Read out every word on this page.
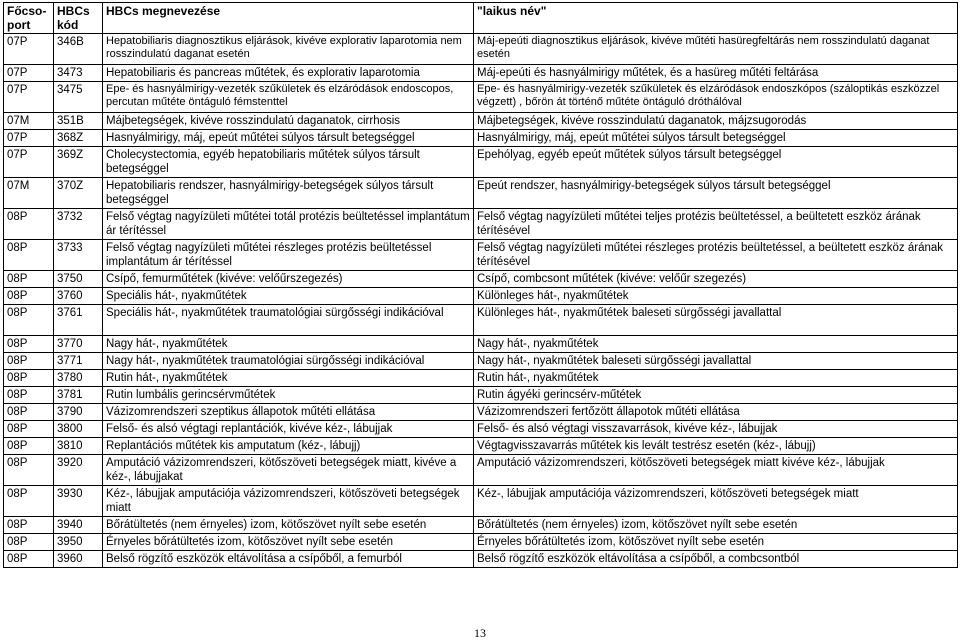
Főcso-port	HBCs kód	HBCs megnevezése	"laikus név"
07P	346B	Hepatobiliaris diagnosztikus eljárások, kivéve explorativ laparotomia nem rosszindulatú daganat esetén	Máj-epeúti diagnosztikus eljárások, kivéve műtéti hasüregfeltárás nem rosszindulatú daganat esetén
07P	3473	Hepatobiliaris és pancreas műtétek, és explorativ laparotomia	Máj-epeúti és hasnyálmirigy műtétek, és a hasüreg műtéti feltárása
07P	3475	Epe- és hasnyálmirigy-vezeték szűkületek és elzáródások endoscopos, percutan műtéte öntáguló fémstenttel	Epe- és hasnyálmirigy-vezeték szűkületek és elzáródások endoszkópos (száloptikás eszközzel végzett) , bőrön át történő műtéte öntáguló dróthálóval
07M	351B	Májbetegségek, kivéve rosszindulatú daganatok, cirrhosis	Májbetegségek, kivéve rosszindulatú daganatok, májzsugorodás
07P	368Z	Hasnyálmirigy, máj, epeút műtétei súlyos társult betegséggel	Hasnyálmirigy, máj, epeút műtétei súlyos társult betegséggel
07P	369Z	Cholecystectomia, egyéb hepatobiliaris műtétek súlyos társult betegséggel	Epehólyag, egyéb epeút műtétek súlyos társult betegséggel
07M	370Z	Hepatobiliaris rendszer, hasnyálmirigy-betegségek súlyos társult betegséggel	Epeút rendszer, hasnyálmirigy-betegségek súlyos társult betegséggel
08P	3732	Felső végtag nagyízületi műtétei totál protézis beültetéssel implantátum ár térítéssel	Felső végtag nagyízületi műtétei teljes protézis beültetéssel, a beültetett eszköz árának térítésével
08P	3733	Felső végtag nagyízületi műtétei részleges protézis beültetéssel implantátum ár térítéssel	Felső végtag nagyízületi műtétei részleges protézis beültetéssel, a beültetett eszköz árának térítésével
08P	3750	Csípő, femurműtétek (kivéve: velőűrszegezés)	Csípő, combcsont műtétek (kivéve: velőűr szegezés)
08P	3760	Speciális hát-, nyakműtétek	Különleges hát-, nyakműtétek
08P	3761	Speciális hát-, nyakműtétek traumatológiai sürgősségi indikációval	Különleges hát-, nyakműtétek baleseti sürgősségi javallattal
08P	3770	Nagy hát-, nyakműtétek	Nagy hát-, nyakműtétek
08P	3771	Nagy hát-, nyakműtétek traumatológiai sürgősségi indikációval	Nagy hát-, nyakműtétek baleseti sürgősségi javallattal
08P	3780	Rutin hát-, nyakműtétek	Rutin hát-, nyakműtétek
08P	3781	Rutin lumbális gerincsérvműtétek	Rutin ágyéki gerincsérv-műtétek
08P	3790	Vázizomrendszeri szeptikus állapotok műtéti ellátása	Vázizomrendszeri fertőzött állapotok műtéti ellátása
08P	3800	Felső- és alsó végtagi replantációk, kivéve kéz-, lábujjak	Felső- és alsó végtagi visszavarrások, kivéve kéz-, lábujjak
08P	3810	Replantációs műtétek kis amputatum (kéz-, lábujj)	Végtagvisszavarrás műtétek kis levált testrész esetén (kéz-, lábujj)
08P	3920	Amputáció vázizomrendszeri, kötőszöveti betegségek miatt, kivéve a kéz-, lábujjakat	Amputáció vázizomrendszeri, kötőszöveti betegségek miatt kivéve kéz-, lábujjak
08P	3930	Kéz-, lábujjak amputációja vázizomrendszeri, kötőszöveti betegségek miatt	Kéz-, lábujjak amputációja vázizomrendszeri, kötőszöveti betegségek miatt
08P	3940	Bőrátültetés (nem érnyeles) izom, kötőszövet nyílt sebe esetén	Bőrátültetés (nem érnyeles) izom, kötőszövet nyílt sebe esetén
08P	3950	Érnyeles bőrátültetés izom, kötőszövet nyílt sebe esetén	Érnyeles bőrátültetés izom, kötőszövet nyílt sebe esetén
08P	3960	Belső rögzítő eszközök eltávolítása a csípőből, a femurból	Belső rögzítő eszközök eltávolítása a csípőből, a combcsontból
13
